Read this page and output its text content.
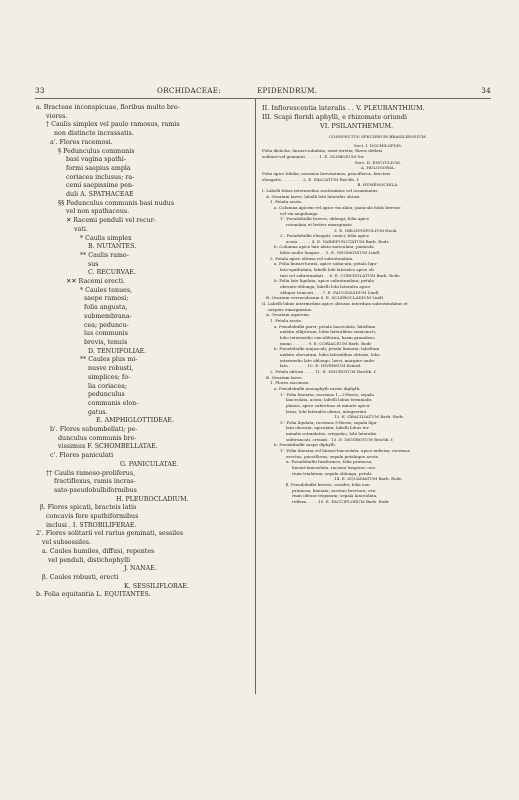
33	ORCHIDACEAE:	EPIDENDRUM.	34
a. Bracteae inconspicuae, floribus multo bre-
viores.
† Caulis simplex vel paulo ramosus, ramis
non distincte incrassatis.
a'. Flores racemosi.
§ Pedunculus communis
basi vagina spathi-
formi saepius ampla
coriacea inclusus; ra-
cemi saepissime pen-
duli A. SPATHACEAE
§§ Pedunculus communis basi nudus
vel non spathaceus.
✕ Racemi penduli vel recur-
vati.
* Caulis simplex
B. NUTANTES.
** Caulis ramo-
sus
C. RECURVAE.
✕✕ Racemi erecti.
* Caules tenues,
saepe ramosi;
folia angusta,
submembrana-
cea; peduncu-
lus communis
brevis, tenuis
D. TENUIFOLIAE.
** Caules plus mi-
nusve robusti,
simplices; fo-
lia coriacea;
pedunculus
communis elon-
gatus.
E. AMPHIGLOTTIDEAE.
b'. Flores subumbellati; pe-
dunculus communis bre-
vissimus F. SCHOMBELLATAE.
c'. Flores paniculati
G. PANICULATAE.
†† Caulis ramoso-proliferus,
fractiflexus, ramis incras-
sato-pseudobulbiformibus
H. PLEUROCLADIUM.
β. Flores spicati, bracteis latis
concavis fere spathiformibus
inclusi . I. STROBILIFERAE.
2'. Flores solitarii vel rarius geminati, sessiles
vel subsessiles.
a. Caules humiles, diffusi, repentes
vel penduli, distichophylli
J. NANAE.
β. Caules robusti, erecti
K. SESSILIFLORAE.
b. Folia equitantia L. EQUITANTES.
II. Inflorescentia lateralis . . V. PLEURANTHIUM.
III. Scapi floridi aphylli, e rhizomate oriundi
VI. PSILANTHEMUM.
CONSPECTUS SPECIERUM BRASILIENSIUM.
Sect. I. DOCHILOPSIS.
Folia disticha, lineari-subulata, semi-teretia; flores deflexi,
solitarii vel geminati . . . . . 1. E. GLOBOSUM Sw.
Sect. II. ENCYCLIUM.
A. HOLOGORIA.
Folia apice biloba; racemus brevissimus, pauciflorus, bracteis
elongatis . . . . . . . . 2. E. FALCATUM Reichb. f.
B. HYMENOCHILA.
I. Labelli lobus intermedius acutissimus vel acuminatus.
A. Ovarium laeve; labelli lobi laterales obtusi.
1. Petala acuta.
a. Columna apicem vel apice vix alata; panicula foliis brevior
vel vix aequilonga.
1'. Pseudobulbi breves, oblongi; folia apice
rotundata et leviter emarginata
3. E. OBLONGIFOLIUM Hook.
2'. Pseudobulbi elongati, conici; folia apice
acuta . . . . . 4. E. VARIEPUNCTATUM Barb. Rodr.
b. Columna apice late alato-auriculata; panicula
foliis multo longior . . 5. E. GNOMONIUM Lindl.
2. Petala apice obtusa vel subrotundata.
a. Folia lineari-lorata, apice subacuta; petala ligu-
lato-spathulata; labelli lobi laterales apice ob-
tusi vel subrotundati . . 6. E. CORCEOLATUM Barb. Rodr.
b. Folia late ligulata, apice subrotundata; petala
obovato-oblonga; labelli lobi laterales apice
oblique truncati . . . 7. E. FAUCEAVIDUM Lindl.
B. Ovarium verruculosum 8. E. SCLEROCLADIUM Lindl.
II. Labelli lobus intermedius apice obtusus interdum subrotundatus et
saepius emarginatus.
A. Ovarium asperum.
1. Petala acuta.
a. Pseudobulbi parvi; petala lanceolata; labellum
ambitu ellipticum, lobis lateralibus semicincti,
lobo intermedio vinculiformi, basin granuloso
immo . . . . . . 9. E. CORIACEUM Barb. Rodr.
b. Pseudobulbi majusculi; petala linearia; labellum
ambitu obovatum, lobis lateralibus obtusis, lobo
intermedio late oblongo, laevi, margine undu-
lato . . . . . . . 10. E. INVERSUM Kränzl.
2. Petala obtusa . . . . 11. E. SMUROTUM Reichb. f.
B. Ovarium laeve.
1. Flores racemosi.
a. Pseudobulbi monophylli rarius diphylli.
1'. Folia linearia; racemus 1—3-florus; sepala
lanceolata, acuta; labelli lobus terminalis
planus, apice subretuso et minute apicu-
latus; lobi laterales obtusi, integerrimi
12. E. GRACILIATUM Barb. Rodr.
2'. Folia ligulata; racemus 5-florus; sepala ligu-
lata-obovata, apiculata; labelli lobus ter-
minalis rotundatus, crispulus; lobi laterales
subtruncati, crenati . 13. E. DIGGROTUM Reichb. f.
b. Pseudobulbi saepe diphylli.
1'. Folia linearia vel lineari-lanceolata, apice indivisa; racemus
erectus, pauciflorus; sepala petalaque acuta.
α. Pseudobulbi fusiformes; folia pruinosa,
lineari-lanceolata, racemo longiora; ova-
rium trialatum; sepala oblonga, petala
14. E. SQUAMATUM Barb. Rodr.
β. Pseudobulbi breves, ovoidei; folia non
pruinosa, linearia, racemo breviora; ova-
rium obtuse trigonum; sepala lanceolata,
reflexa . . . . 15. E. FAUCIFLORUM Barb. Rodr.
